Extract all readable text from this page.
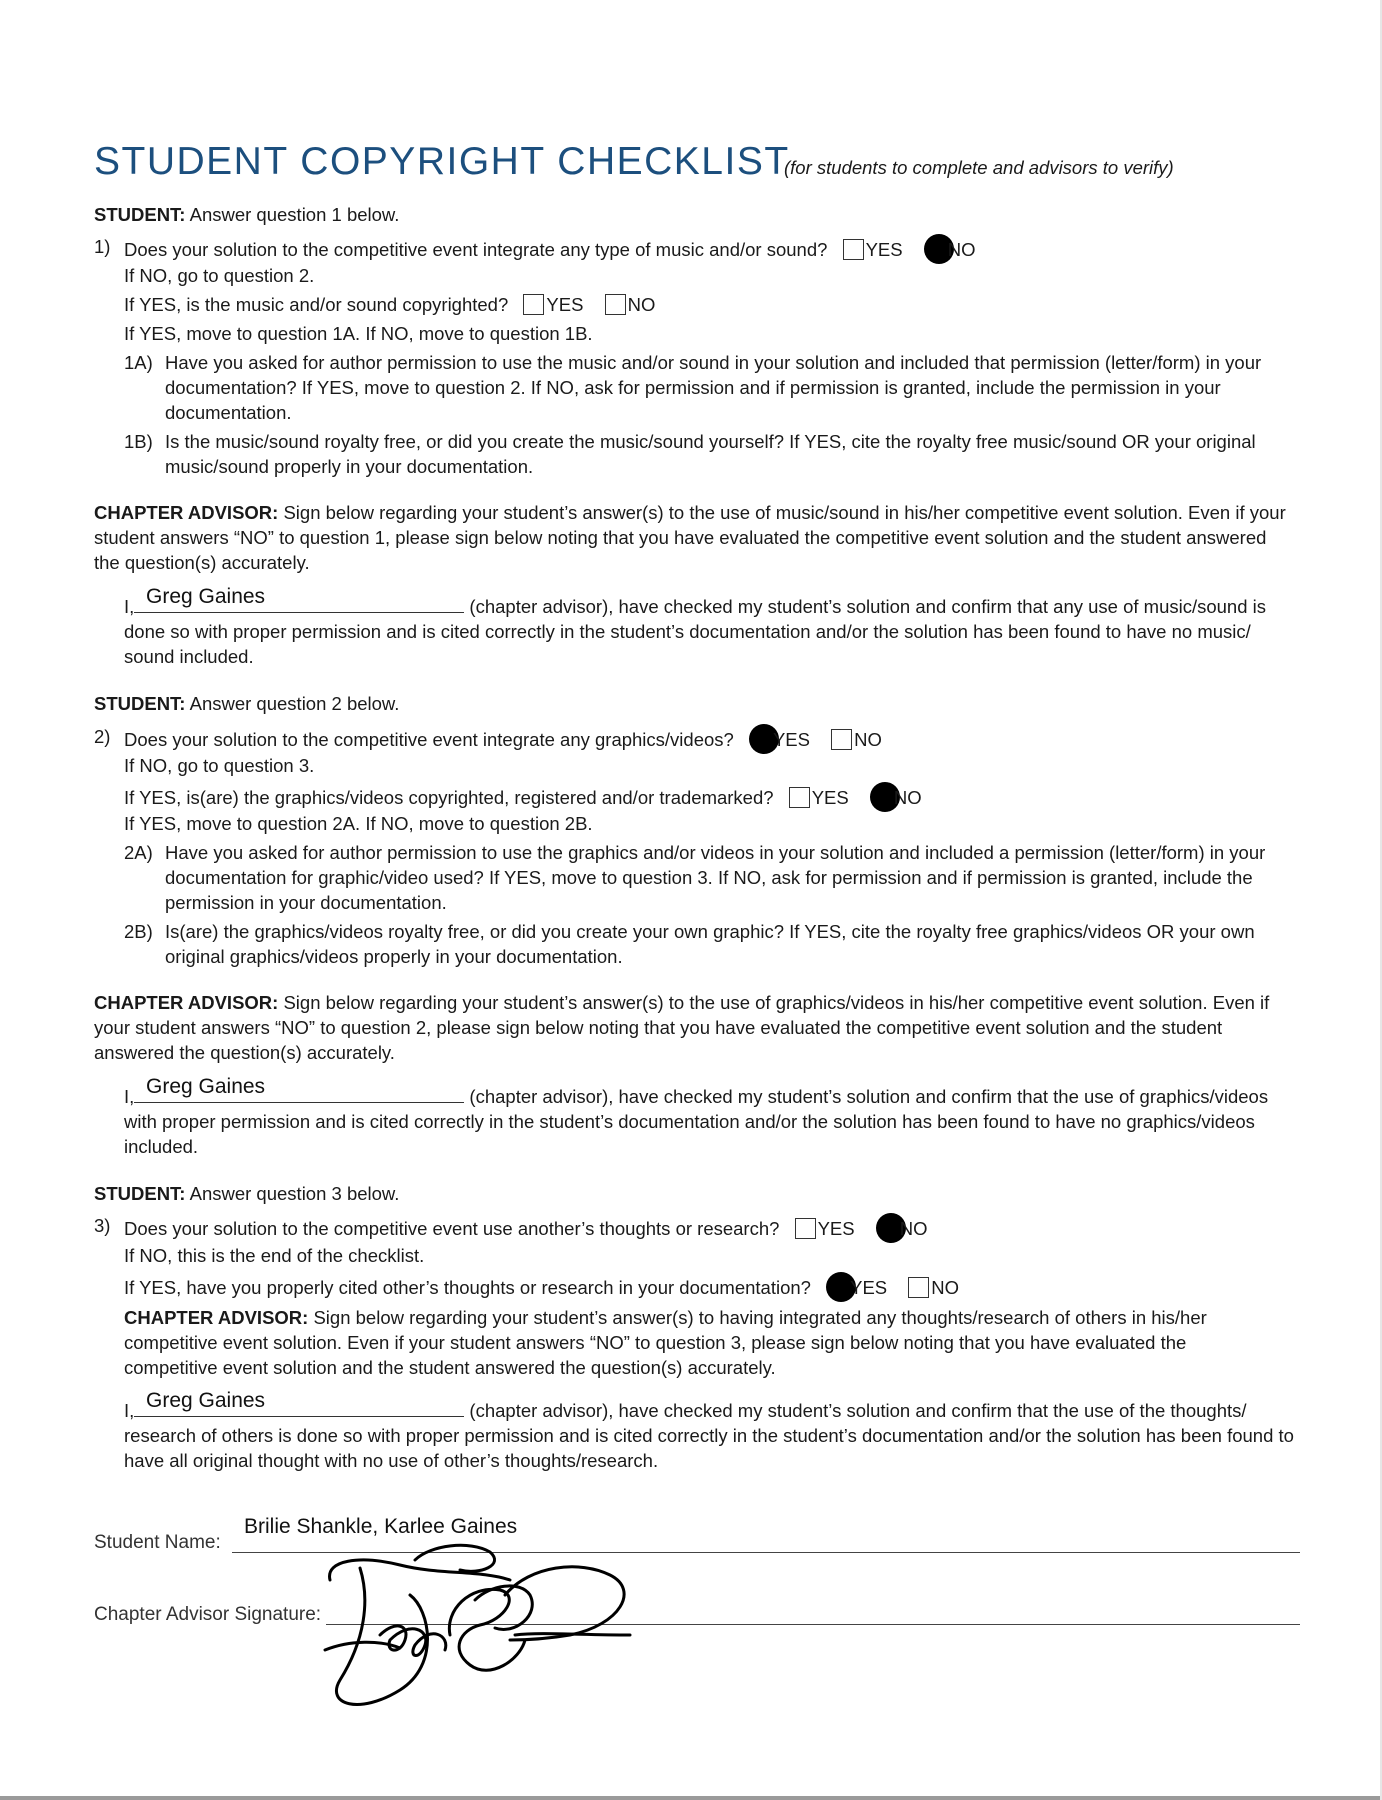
STUDENT COPYRIGHT CHECKLIST
(for students to complete and advisors to verify)
STUDENT: Answer question 1 below.
1) Does your solution to the competitive event integrate any type of music and/or sound? YES NO
If NO, go to question 2.
If YES, is the music and/or sound copyrighted? YES NO
If YES, move to question 1A. If NO, move to question 1B.
1A) Have you asked for author permission to use the music and/or sound in your solution and included that permission (letter/form) in your documentation? If YES, move to question 2. If NO, ask for permission and if permission is granted, include the permission in your documentation.
1B) Is the music/sound royalty free, or did you create the music/sound yourself? If YES, cite the royalty free music/sound OR your original music/sound properly in your documentation.
CHAPTER ADVISOR: Sign below regarding your student’s answer(s) to the use of music/sound in his/her competitive event solution. Even if your student answers “NO” to question 1, please sign below noting that you have evaluated the competitive event solution and the student answered the question(s) accurately.
Greg Gaines
I,	(chapter advisor), have checked my student’s solution and confirm that any use of music/sound is done so with proper permission and is cited correctly in the student’s documentation and/or the solution has been found to have no music/ sound included.
STUDENT: Answer question 2 below.
2) Does your solution to the competitive event integrate any graphics/videos? YES NO
If NO, go to question 3.
If YES, is(are) the graphics/videos copyrighted, registered and/or trademarked? YES NO
If YES, move to question 2A. If NO, move to question 2B.
2A) Have you asked for author permission to use the graphics and/or videos in your solution and included a permission (letter/form) in your documentation for graphic/video used? If YES, move to question 3. If NO, ask for permission and if permission is granted, include the permission in your documentation.
2B) Is(are) the graphics/videos royalty free, or did you create your own graphic? If YES, cite the royalty free graphics/videos OR your own original graphics/videos properly in your documentation.
CHAPTER ADVISOR: Sign below regarding your student’s answer(s) to the use of graphics/videos in his/her competitive event solution. Even if your student answers “NO” to question 2, please sign below noting that you have evaluated the competitive event solution and the student answered the question(s) accurately.
Greg Gaines
I,	(chapter advisor), have checked my student’s solution and confirm that the use of graphics/videos with proper permission and is cited correctly in the student’s documentation and/or the solution has been found to have no graphics/videos included.
STUDENT: Answer question 3 below.
3) Does your solution to the competitive event use another’s thoughts or research? YES NO
If NO, this is the end of the checklist.
If YES, have you properly cited other’s thoughts or research in your documentation? YES NO
CHAPTER ADVISOR: Sign below regarding your student’s answer(s) to having integrated any thoughts/research of others in his/her competitive event solution. Even if your student answers “NO” to question 3, please sign below noting that you have evaluated the competitive event solution and the student answered the question(s) accurately.
Greg Gaines
I,	(chapter advisor), have checked my student’s solution and confirm that the use of the thoughts/ research of others is done so with proper permission and is cited correctly in the student’s documentation and/or the solution has been found to have all original thought with no use of other’s thoughts/research.
Student Name:
Brilie Shankle, Karlee Gaines
Chapter Advisor Signature:
